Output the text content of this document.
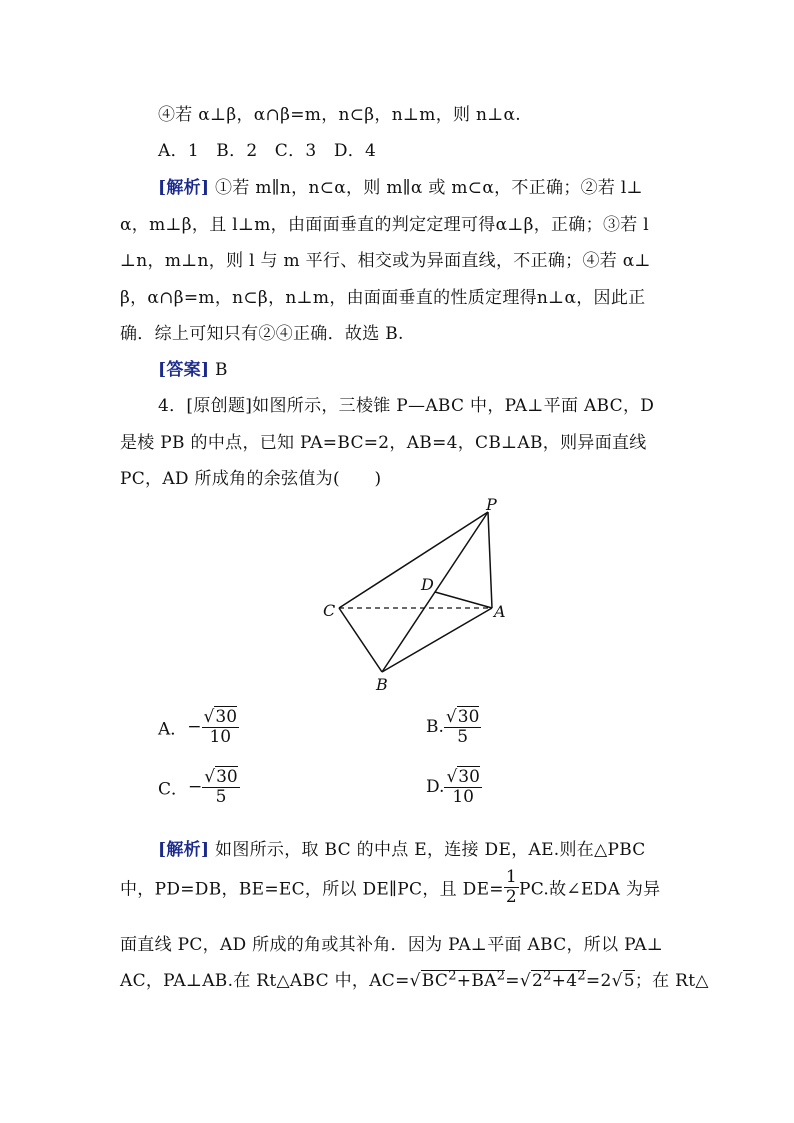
④若 α⊥β，α∩β=m，n⊂β，n⊥m，则 n⊥α.
A．1　B．2　C．3　D．4
[解析] ①若 m∥n，n⊂α，则 m∥α 或 m⊂α，不正确；②若 l⊥
α，m⊥β，且 l⊥m，由面面垂直的判定定理可得α⊥β，正确；③若 l
⊥n，m⊥n，则 l 与 m 平行、相交或为异面直线，不正确；④若 α⊥
β，α∩β=m，n⊂β，n⊥m，由面面垂直的性质定理得n⊥α，因此正
确．综上可知只有②④正确．故选 B.
[答案] B
4．[原创题]如图所示，三棱锥 P—ABC 中，PA⊥平面 ABC，D
是棱 PB 的中点，已知 PA=BC=2，AB=4，CB⊥AB，则异面直线
PC，AD 所成角的余弦值为(　　)
P
D
C	A
B
A．− $\frac{√30}{10}$	B. $\frac{√30}{5}$
C．− $\frac{√30}{5}$	D. $\frac{√30}{10}$
[解析] 如图所示，取 BC 的中点 E，连接 DE，AE.则在△PBC
中，PD=DB，BE=EC，所以 DE∥PC，且 $DE= \frac{1}{2}$ PC.故∠EDA 为异
面直线 PC，AD 所成的角或其补角．因为 PA⊥平面 ABC，所以 PA⊥
AC，PA⊥AB.在 Rt△ABC 中，$AC=√BC^2+BA^2=√2^2+4^2=2√5$；在 Rt△
